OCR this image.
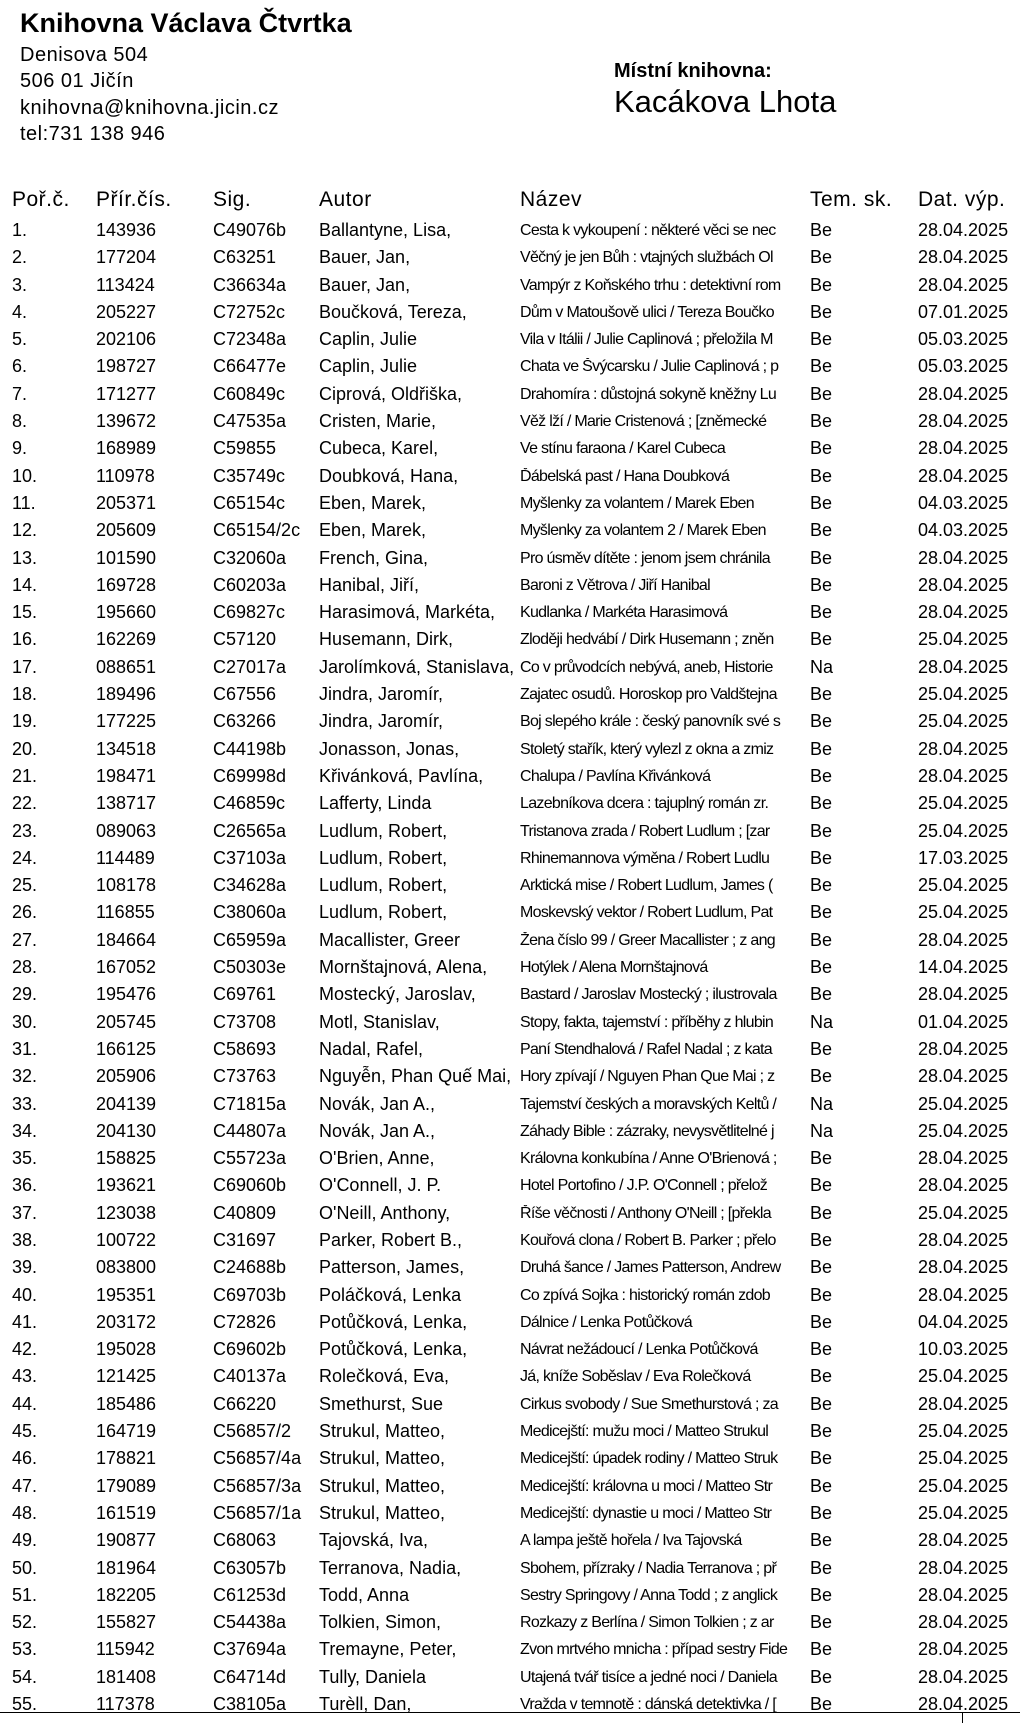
Knihovna Václava Čtvrtka
Denisova 504
506 01 Jičín
knihovna@knihovna.jicin.cz
tel:731 138 946
Místní knihovna:
Kacákova Lhota
Poř.č. Přír.čís. Sig.	Autor	Název	Tem. sk. Dat. výp.
1.	143936	C49076b	Ballantyne, Lisa,	Cesta k vykoupení : některé věci se nec	Be	28.04.2025
2.	177204	C63251	Bauer, Jan,	Věčný je jen Bůh : vtajných službách Ol	Be	28.04.2025
3.	113424	C36634a	Bauer, Jan,	Vampýr z Koňského trhu : detektivní rom	Be	28.04.2025
4.	205227	C72752c	Boučková, Tereza,	Dům v Matoušově ulici / Tereza Boučko	Be	07.01.2025
5.	202106	C72348a	Caplin, Julie	Vila v Itálii / Julie Caplinová ; přeložila M	Be	05.03.2025
6.	198727	C66477e	Caplin, Julie	Chata ve Švýcarsku / Julie Caplinová ; p	Be	05.03.2025
7.	171277	C60849c	Ciprová, Oldřiška,	Drahomíra : důstojná sokyně kněžny Lu	Be	28.04.2025
8.	139672	C47535a	Cristen, Marie,	Věž lží / Marie Cristenová ; [zněmecké	Be	28.04.2025
9.	168989	C59855	Cubeca, Karel,	Ve stínu faraona / Karel Cubeca	Be	28.04.2025
10.	110978	C35749c	Doubková, Hana,	Ďábelská past / Hana Doubková	Be	28.04.2025
11.	205371	C65154c	Eben, Marek,	Myšlenky za volantem / Marek Eben	Be	04.03.2025
12.	205609	C65154/2c	Eben, Marek,	Myšlenky za volantem 2 / Marek Eben	Be	04.03.2025
13.	101590	C32060a	French, Gina,	Pro úsměv dítěte : jenom jsem chránila	Be	28.04.2025
14.	169728	C60203a	Hanibal, Jiří,	Baroni z Větrova / Jiří Hanibal	Be	28.04.2025
15.	195660	C69827c	Harasimová, Markéta,	Kudlanka / Markéta Harasimová	Be	28.04.2025
16.	162269	C57120	Husemann, Dirk,	Zloději hedvábí / Dirk Husemann ; zněn	Be	25.04.2025
17.	088651	C27017a	Jarolímková, Stanislava, Co v průvodcích nebývá, aneb, Historie	Na	28.04.2025
18.	189496	C67556	Jindra, Jaromír,	Zajatec osudů. Horoskop pro Valdštejna	Be	25.04.2025
19.	177225	C63266	Jindra, Jaromír,	Boj slepého krále : český panovník své s	Be	25.04.2025
20.	134518	C44198b	Jonasson, Jonas,	Stoletý stařík, který vylezl z okna a zmiz	Be	28.04.2025
21.	198471	C69998d	Křivánková, Pavlína,	Chalupa / Pavlína Křivánková	Be	28.04.2025
22.	138717	C46859c	Lafferty, Linda	Lazebníkova dcera : tajuplný román zr.	Be	25.04.2025
23.	089063	C26565a	Ludlum, Robert,	Tristanova zrada / Robert Ludlum ; [zar	Be	25.04.2025
24.	114489	C37103a	Ludlum, Robert,	Rhinemannova výměna / Robert Ludlu	Be	17.03.2025
25.	108178	C34628a	Ludlum, Robert,	Arktická mise / Robert Ludlum, James (	Be	25.04.2025
26.	116855	C38060a	Ludlum, Robert,	Moskevský vektor / Robert Ludlum, Pat	Be	25.04.2025
27.	184664	C65959a	Macallister, Greer	Žena číslo 99 / Greer Macallister ; z ang	Be	28.04.2025
28.	167052	C50303e	Mornštajnová, Alena,	Hotýlek / Alena Mornštajnová	Be	14.04.2025
29.	195476	C69761	Mostecký, Jaroslav,	Bastard / Jaroslav Mostecký ; ilustrovala	Be	28.04.2025
30.	205745	C73708	Motl, Stanislav,	Stopy, fakta, tajemství : příběhy z hlubin	Na	01.04.2025
31.	166125	C58693	Nadal, Rafel,	Paní Stendhalová / Rafel Nadal ; z kata	Be	28.04.2025
32.	205906	C73763	Nguyễn, Phan Quế Mai, Hory zpívají / Nguyen Phan Que Mai ; z	Be	28.04.2025
33.	204139	C71815a	Novák, Jan A.,	Tajemství českých a moravských Keltů /	Na	25.04.2025
34.	204130	C44807a	Novák, Jan A.,	Záhady Bible : zázraky, nevysvětlitelné j	Na	25.04.2025
35.	158825	C55723a	O'Brien, Anne,	Královna konkubína / Anne O'Brienová ;	Be	28.04.2025
36.	193621	C69060b	O'Connell, J. P.	Hotel Portofino / J.P. O'Connell ; přelož	Be	28.04.2025
37.	123038	C40809	O'Neill, Anthony,	Říše věčnosti / Anthony O'Neill ; [překla	Be	25.04.2025
38.	100722	C31697	Parker, Robert B.,	Kouřová clona / Robert B. Parker ; přelo	Be	28.04.2025
39.	083800	C24688b	Patterson, James,	Druhá šance / James Patterson, Andrew	Be	28.04.2025
40.	195351	C69703b	Poláčková, Lenka	Co zpívá Sojka : historický román zdob	Be	28.04.2025
41.	203172	C72826	Potůčková, Lenka,	Dálnice / Lenka Potůčková	Be	04.04.2025
42.	195028	C69602b	Potůčková, Lenka,	Návrat nežádoucí / Lenka Potůčková	Be	10.03.2025
43.	121425	C40137a	Rolečková, Eva,	Já, kníže Soběslav / Eva Rolečková	Be	25.04.2025
44.	185486	C66220	Smethurst, Sue	Cirkus svobody / Sue Smethurstová ; za	Be	28.04.2025
45.	164719	C56857/2	Strukul, Matteo,	Medicejští: mužu moci / Matteo Strukul	Be	25.04.2025
46.	178821	C56857/4a Strukul, Matteo,	Medicejští: úpadek rodiny / Matteo Struk	Be	25.04.2025
47.	179089	C56857/3a Strukul, Matteo,	Medicejští: královna u moci / Matteo Str	Be	25.04.2025
48.	161519	C56857/1a Strukul, Matteo,	Medicejští: dynastie u moci / Matteo Str	Be	25.04.2025
49.	190877	C68063	Tajovská, Iva,	A lampa ještě hořela / Iva Tajovská	Be	28.04.2025
50.	181964	C63057b	Terranova, Nadia,	Sbohem, přízraky / Nadia Terranova ; př	Be	28.04.2025
51.	182205	C61253d	Todd, Anna	Sestry Springovy / Anna Todd ; z anglick	Be	28.04.2025
52.	155827	C54438a	Tolkien, Simon,	Rozkazy z Berlína / Simon Tolkien ; z ar	Be	28.04.2025
53.	115942	C37694a	Tremayne, Peter,	Zvon mrtvého mnicha : případ sestry Fide	Be	28.04.2025
54.	181408	C64714d	Tully, Daniela	Utajená tvář tisíce a jedné noci / Daniela	Be	28.04.2025
55.	117378	C38105a	Turèll, Dan,	Vražda v temnotě : dánská detektivka / [	Be	28.04.2025
